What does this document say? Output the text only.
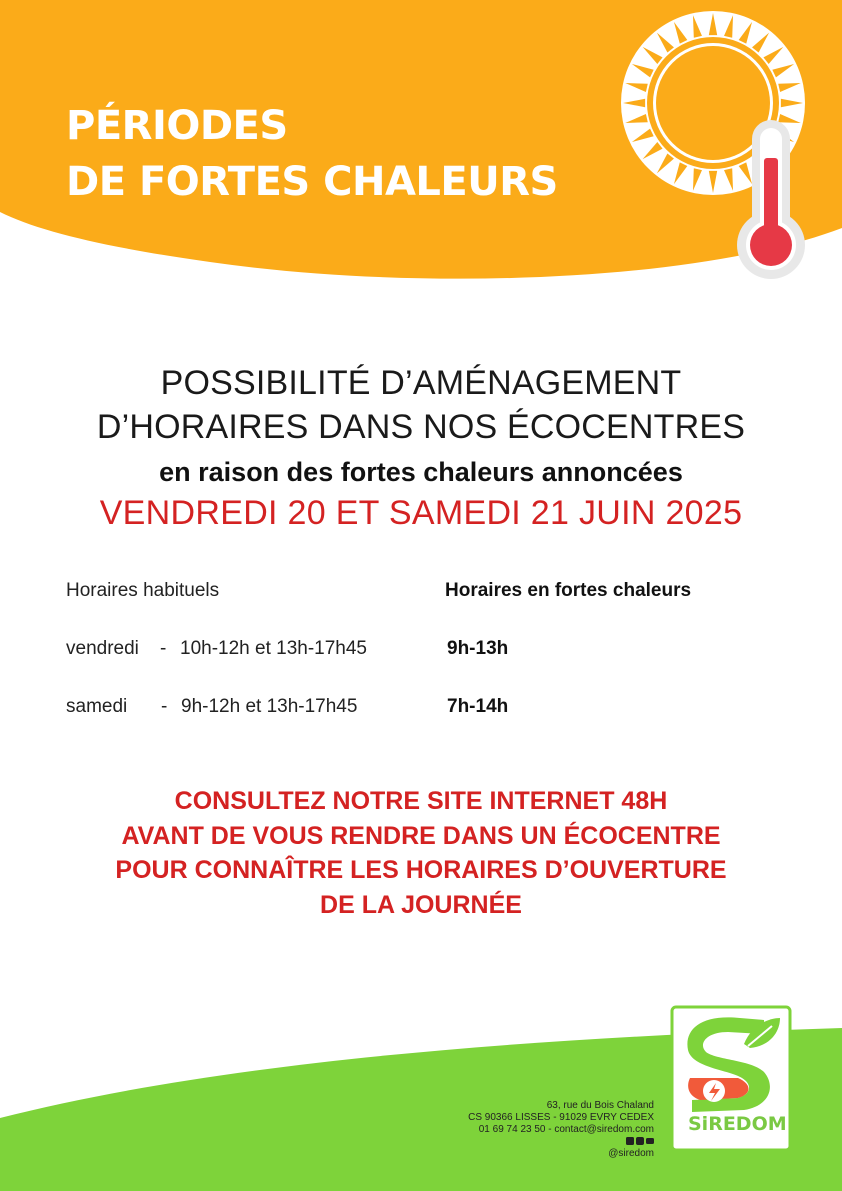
PÉRIODES
DE FORTES CHALEURS

POSSIBILITÉ D’AMÉNAGEMENT

D’HORAIRES DANS NOS ÉCOCENTRES

en raison des fortes chaleurs annoncées

VENDREDI 20 ET SAMEDI 21 JUIN 2025

Horaires habituels	Horaires en fortes chaleurs

vendredi - 10h-12h et 13h-17h45	9h-13h

samedi - 9h-12h et 13h-17h45	7h-14h

CONSULTEZ NOTRE SITE INTERNET 48H
AVANT DE VOUS RENDRE DANS UN ÉCOCENTRE
POUR CONNAÎTRE LES HORAIRES D’OUVERTURE
DE LA JOURNÉE

63, rue du Bois Chaland
CS 90366 LISSES - 91029 EVRY CEDEX
01 69 74 23 50 - contact@siredom.com
@siredom

SiREDOM
